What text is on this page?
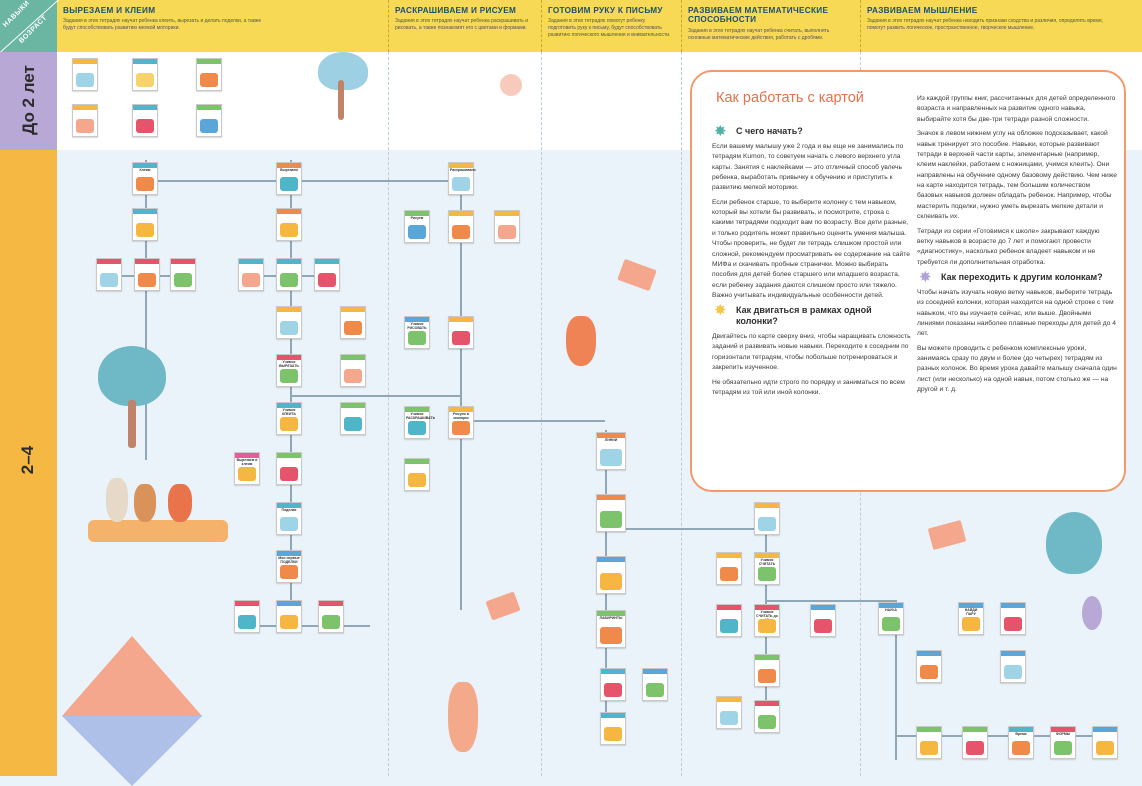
НАВЫКИ
ВОЗРАСТ
ВЫРЕЗАЕМ И КЛЕИМ

Задания в этих тетрадях научат ребенка клеить, вырезать и делать поделки, а также будут способствовать развитию мелкой моторики.

РАСКРАШИВАЕМ И РИСУЕМ

Задания в этих тетрадях научат ребенка раскрашивать и рисовать, а также познакомят его с цветами и формами.

ГОТОВИМ РУКУ К ПИСЬМУ

Задания в этих тетрадях помогут ребенку подготовить руку к письму, будут способствовать развитию логического мышления и внимательности.

РАЗВИВАЕМ МАТЕМАТИЧЕСКИЕ СПОСОБНОСТИ

Задания в этих тетрадях научат ребенка считать, выполнять основные математические действия, работать с дробями.

РАЗВИВАЕМ МЫШЛЕНИЕ

Задания в этих тетрадях научат ребенка находить признаки сходства и различия, определять время, помогут развить логическое, пространственное, творческое мышление.

До 2 лет
2–4
Клеим	Вырезаем
Учимся ВЫРЕЗАТЬ
Учимся КЛЕИТЬ
Вырезаем и клеим
Поделки
Мои первые ПОДЕЛКИ
Раскрашиваем
Рисуем
Учимся РИСОВАТЬ
Учимся РАСКРАШИВАТЬ
Рисуем в зоопарке
ЛИНИИ
ЛАБИРИНТЫ
Учимся СЧИТАТЬ
Учимся СЧИТАТЬ до
НАУКА	НАЙДИ ПАРУ
Время	ФОРМЫ
Как работать с картой
✸ С чего начать?

Если вашему малышу уже 2 года и вы еще не занимались по тетрадям Kumon, то советуем начать с левого верхнего угла карты. Занятия с наклейками — это отличный способ увлечь ребенка, выработать привычку к обучению и приступить к развитию мелкой моторики.

Если ребенок старше, то выберите колонку с тем навыком, который вы хотели бы развивать, и посмотрите, строка с какими тетрадями подходит вам по возрасту. Все дети разные, и только родитель может правильно оценить умения малыша. Чтобы проверить, не будет ли тетрадь слишком простой или сложной, рекомендуем просматривать ее содержание на сайте МИФа и скачивать пробные странички. Можно выбирать пособия для детей более старшего или младшего возраста, если ребенку задания даются слишком просто или тяжело. Важно учитывать индивидуальные особенности детей.

✸ Как двигаться в рамках одной колонки?

Двигайтесь по карте сверху вниз, чтобы наращивать сложность заданий и развивать новые навыки. Переходите к соседним по горизонтали тетрадям, чтобы побольше потренироваться и закрепить изученное.

Не обязательно идти строго по порядку и заниматься по всем тетрадям из той или иной колонки.

Из каждой группы книг, рассчитанных для детей определенного возраста и направленных на развитие одного навыка, выбирайте хотя бы две-три тетради разной сложности.

Значок в левом нижнем углу на обложке подсказывает, какой навык тренирует это пособие. Навыки, которые развивают тетради в верхней части карты, элементарные (например, клеим наклейки, работаем с ножницами, учимся клеить). Они направлены на обучение одному базовому действию. Чем ниже на карте находится тетрадь, тем большим количеством базовых навыков должен обладать ребенок. Например, чтобы мастерить поделки, нужно уметь вырезать мелкие детали и склеивать их.

Тетради из серии «Готовимся к школе» закрывают каждую ветку навыков в возрасте до 7 лет и помогают провести «диагностику», насколько ребенок владеет навыком и не требуется ли дополнительная отработка.

✸ Как переходить к другим колонкам?

Чтобы начать изучать новую ветку навыков, выберите тетрадь из соседней колонки, которая находится на одной строке с тем навыком, что вы изучаете сейчас, или выше. Двойными линиями показаны наиболее плавные переходы для детей до 4 лет.

Вы можете проводить с ребенком комплексные уроки, занимаясь сразу по двум и более (до четырех) тетрадям из разных колонок. Во время урока давайте малышу сначала один лист (или несколько) на одной навык, потом столько же — на другой и т. д.
